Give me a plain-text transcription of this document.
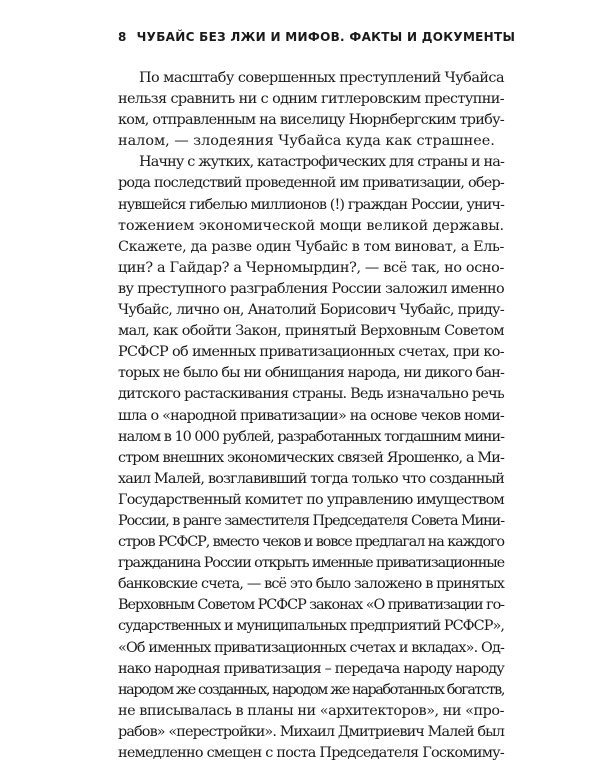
8 ЧУБАЙС БЕЗ ЛЖИ И МИФОВ. ФАКТЫ И ДОКУМЕНТЫ

По масштабу совершенных преступлений Чубайса
нельзя сравнить ни с одним гитлеровским преступни-
ком, отправленным на виселицу Нюрнбергским трибу-
налом, — злодеяния Чубайса куда как страшнее.

Начну с жутких, катастрофических для страны и на-
рода последствий проведенной им приватизации, обер-
нувшейся гибелью миллионов (!) граждан России, унич-
тожением экономической мощи великой державы.
Скажете, да разве один Чубайс в том виноват, а Ель-
цин? а Гайдар? а Черномырдин?, — всё так, но осно-
ву преступного разграбления России заложил именно
Чубайс, лично он, Анатолий Борисович Чубайс, приду-
мал, как обойти Закон, принятый Верховным Советом
РСФСР об именных приватизационных счетах, при ко-
торых не было бы ни обнищания народа, ни дикого бан-
дитского растаскивания страны. Ведь изначально речь
шла о «народной приватизации» на основе чеков номи-
налом в 10 000 рублей, разработанных тогдашним мини-
стром внешних экономических связей Ярошенко, а Ми-
хаил Малей, возглавивший тогда только что созданный
Государственный комитет по управлению имуществом
России, в ранге заместителя Председателя Совета Мини-
стров РСФСР, вместо чеков и вовсе предлагал на каждого
гражданина России открыть именные приватизационные
банковские счета, — всё это было заложено в принятых
Верховным Советом РСФСР законах «О приватизации го-
сударственных и муниципальных предприятий РСФСР»,
«Об именных приватизационных счетах и вкладах». Од-
нако народная приватизация – передача народу народу
народом же созданных, народом же наработанных богатств,
не вписывалась в планы ни «архитекторов», ни «про-
рабов» «перестройки». Михаил Дмитриевич Малей был
немедленно смещен с поста Председателя Госкомиму-
